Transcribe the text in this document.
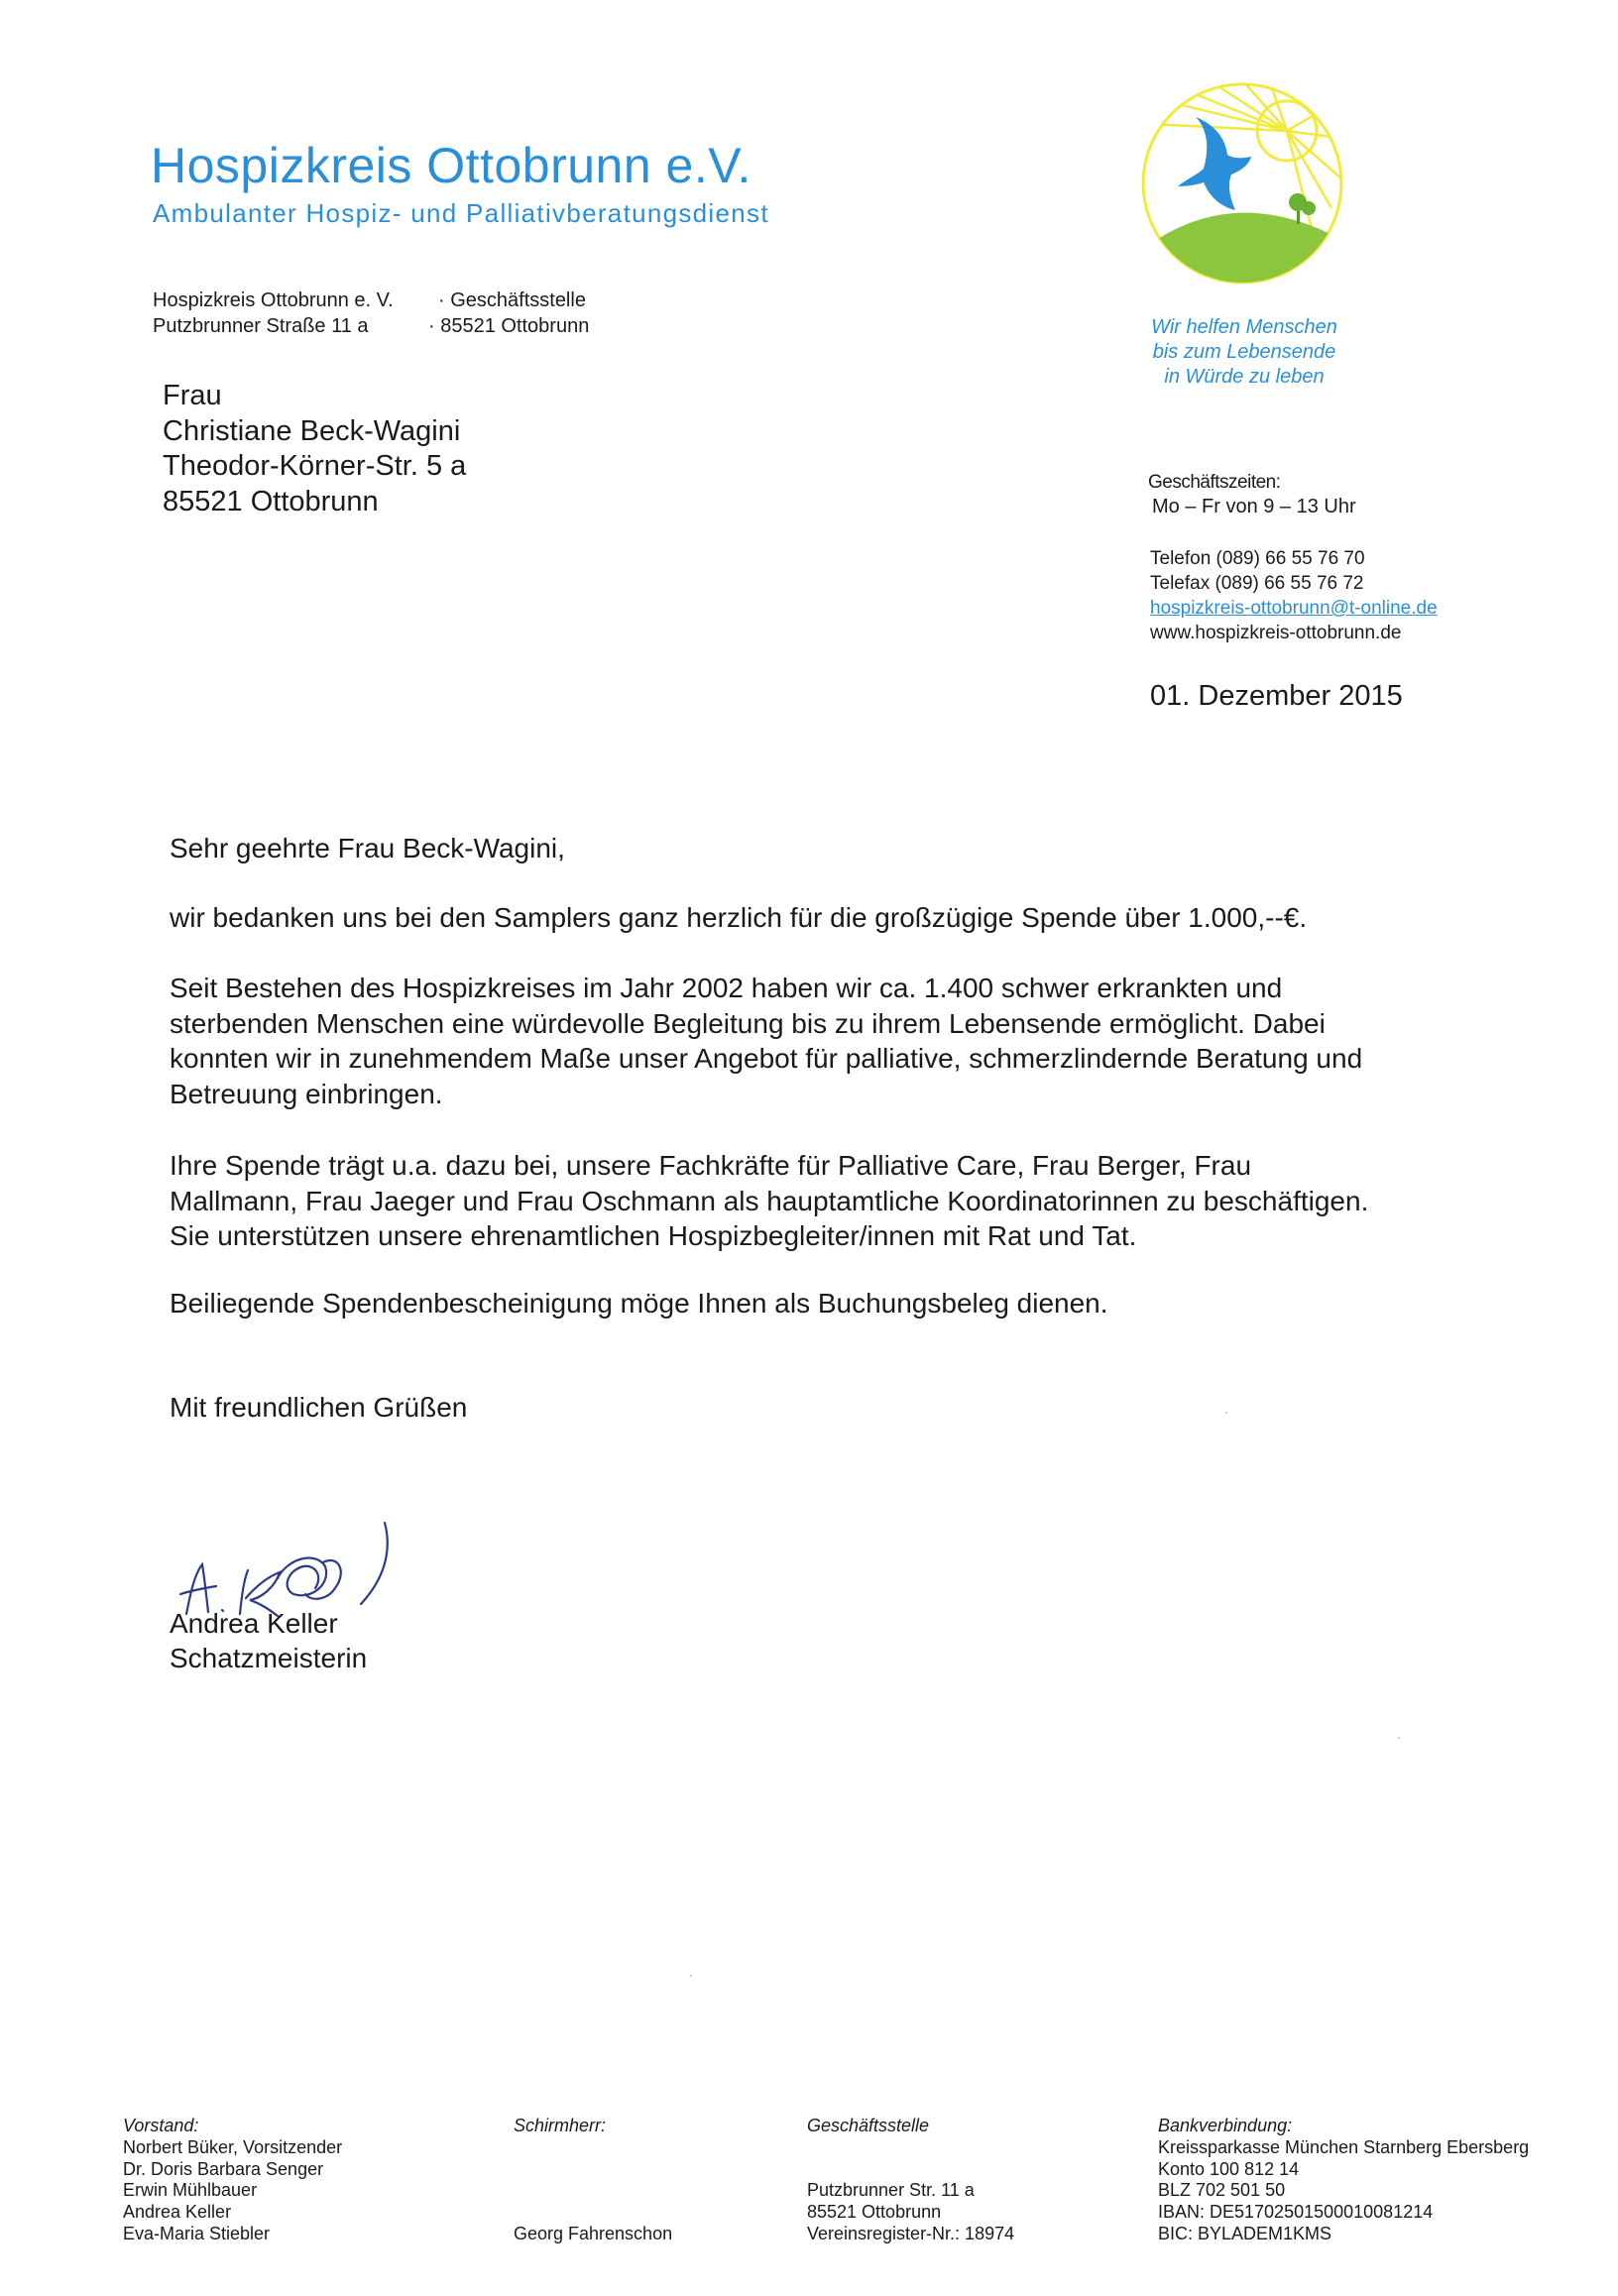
Hospizkreis Ottobrunn e.V.
Ambulanter Hospiz- und Palliativberatungsdienst
Hospizkreis Ottobrunn e. V.
Putzbrunner Straße 11 a
· Geschäftsstelle
· 85521 Ottobrunn
Frau
Christiane Beck-Wagini
Theodor-Körner-Str. 5 a
85521 Ottobrunn
Wir helfen Menschen
bis zum Lebensende
in Würde zu leben
Geschäftszeiten:
Mo – Fr von 9 – 13 Uhr
Telefon (089) 66 55 76 70
Telefax (089) 66 55 76 72
hospizkreis-ottobrunn@t-online.de
www.hospizkreis-ottobrunn.de
01. Dezember 2015
Sehr geehrte Frau Beck-Wagini,
wir bedanken uns bei den Samplers ganz herzlich für die großzügige Spende über 1.000,--€.
Seit Bestehen des Hospizkreises im Jahr 2002 haben wir ca. 1.400 schwer erkrankten und
sterbenden Menschen eine würdevolle Begleitung bis zu ihrem Lebensende ermöglicht. Dabei
konnten wir in zunehmendem Maße unser Angebot für palliative, schmerzlindernde Beratung und
Betreuung einbringen.
Ihre Spende trägt u.a. dazu bei, unsere Fachkräfte für Palliative Care, Frau Berger, Frau
Mallmann, Frau Jaeger und Frau Oschmann als hauptamtliche Koordinatorinnen zu beschäftigen.
Sie unterstützen unsere ehrenamtlichen Hospizbegleiter/innen mit Rat und Tat.
Beiliegende Spendenbescheinigung möge Ihnen als Buchungsbeleg dienen.
Mit freundlichen Grüßen
Andrea Keller
Schatzmeisterin
Vorstand:
Norbert Büker, Vorsitzender
Dr. Doris Barbara Senger
Erwin Mühlbauer
Andrea Keller
Eva-Maria Stiebler
Schirmherr:

Georg Fahrenschon
Geschäftsstelle

Putzbrunner Str. 11 a
85521 Ottobrunn
Vereinsregister-Nr.: 18974
Bankverbindung:
Kreissparkasse München Starnberg Ebersberg
Konto 100 812 14
BLZ 702 501 50
IBAN: DE51702501500010081214
BIC: BYLADEM1KMS
